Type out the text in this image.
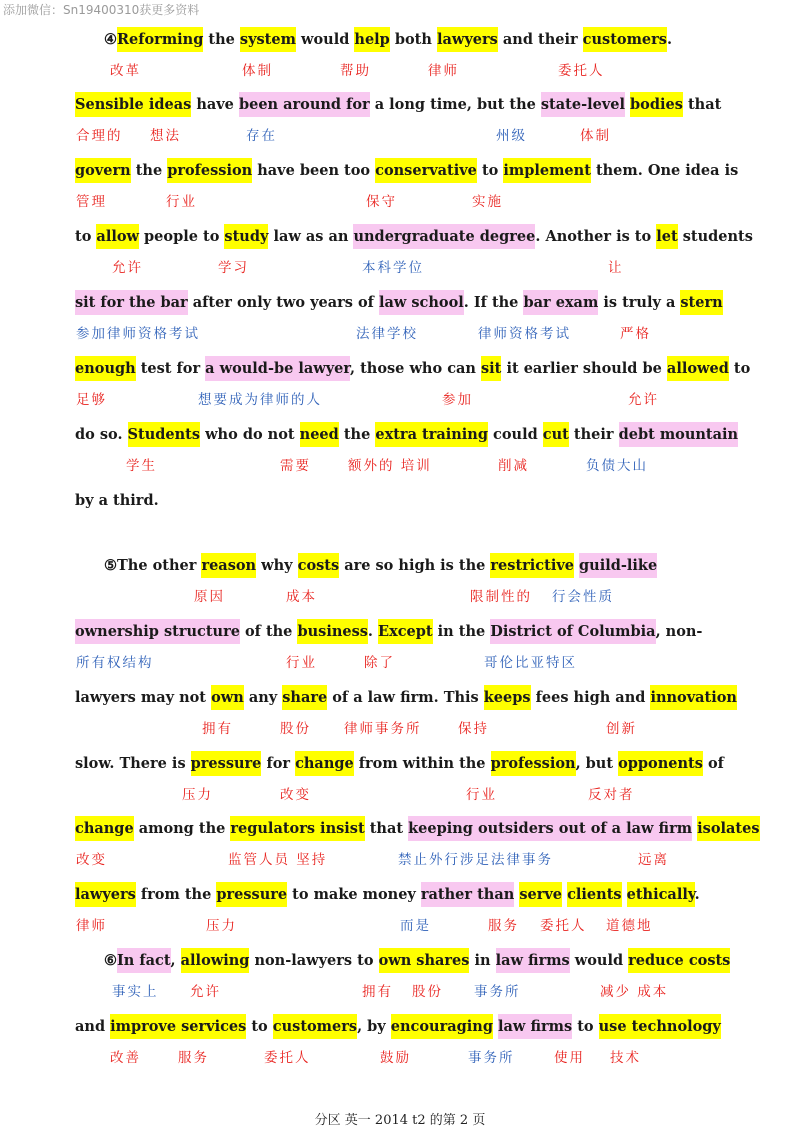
添加微信：Sn19400310获更多资料
④Reforming the system would help both lawyers and their customers.
改革	体制	帮助	律师	委托人
Sensible ideas have been around for a long time, but the state-level bodies that
合理的 想法	存在	州级	体制
govern the profession have been too conservative to implement them. One idea is
管理	行业	保守	实施
to allow people to study law as an undergraduate degree. Another is to let students
允许	学习	本科学位	让
sit for the bar after only two years of law school. If the bar exam is truly a stern
参加律师资格考试	法律学校	律师资格考试	严格
enough test for a would-be lawyer, those who can sit it earlier should be allowed to
足够	想要成为律师的人	参加	允许
do so. Students who do not need the extra training could cut their debt mountain
学生	需要	额外的 培训	削减	负债大山
by a third.
⑤The other reason why costs are so high is the restrictive guild-like
原因	成本	限制性的 行会性质
ownership structure of the business. Except in the District of Columbia, non-
所有权结构	行业	除了	哥伦比亚特区
lawyers may not own any share of a law firm. This keeps fees high and innovation
拥有	股份 律师事务所	保持	创新
slow. There is pressure for change from within the profession, but opponents of
压力	改变	行业	反对者
change among the regulators insist that keeping outsiders out of a law firm isolates
改变	监管人员 坚持	禁止外行涉足法律事务	远离
lawyers from the pressure to make money rather than serve clients ethically.
律师	压力	而是	服务 委托人 道德地
⑥In fact, allowing non-lawyers to own shares in law firms would reduce costs
事实上 允许	拥有 股份 事务所	减少 成本
and improve services to customers, by encouraging law firms to use technology
改善	服务	委托人	鼓励	事务所	使用 技术
分区 英一 2014 t2 的第 2 页
